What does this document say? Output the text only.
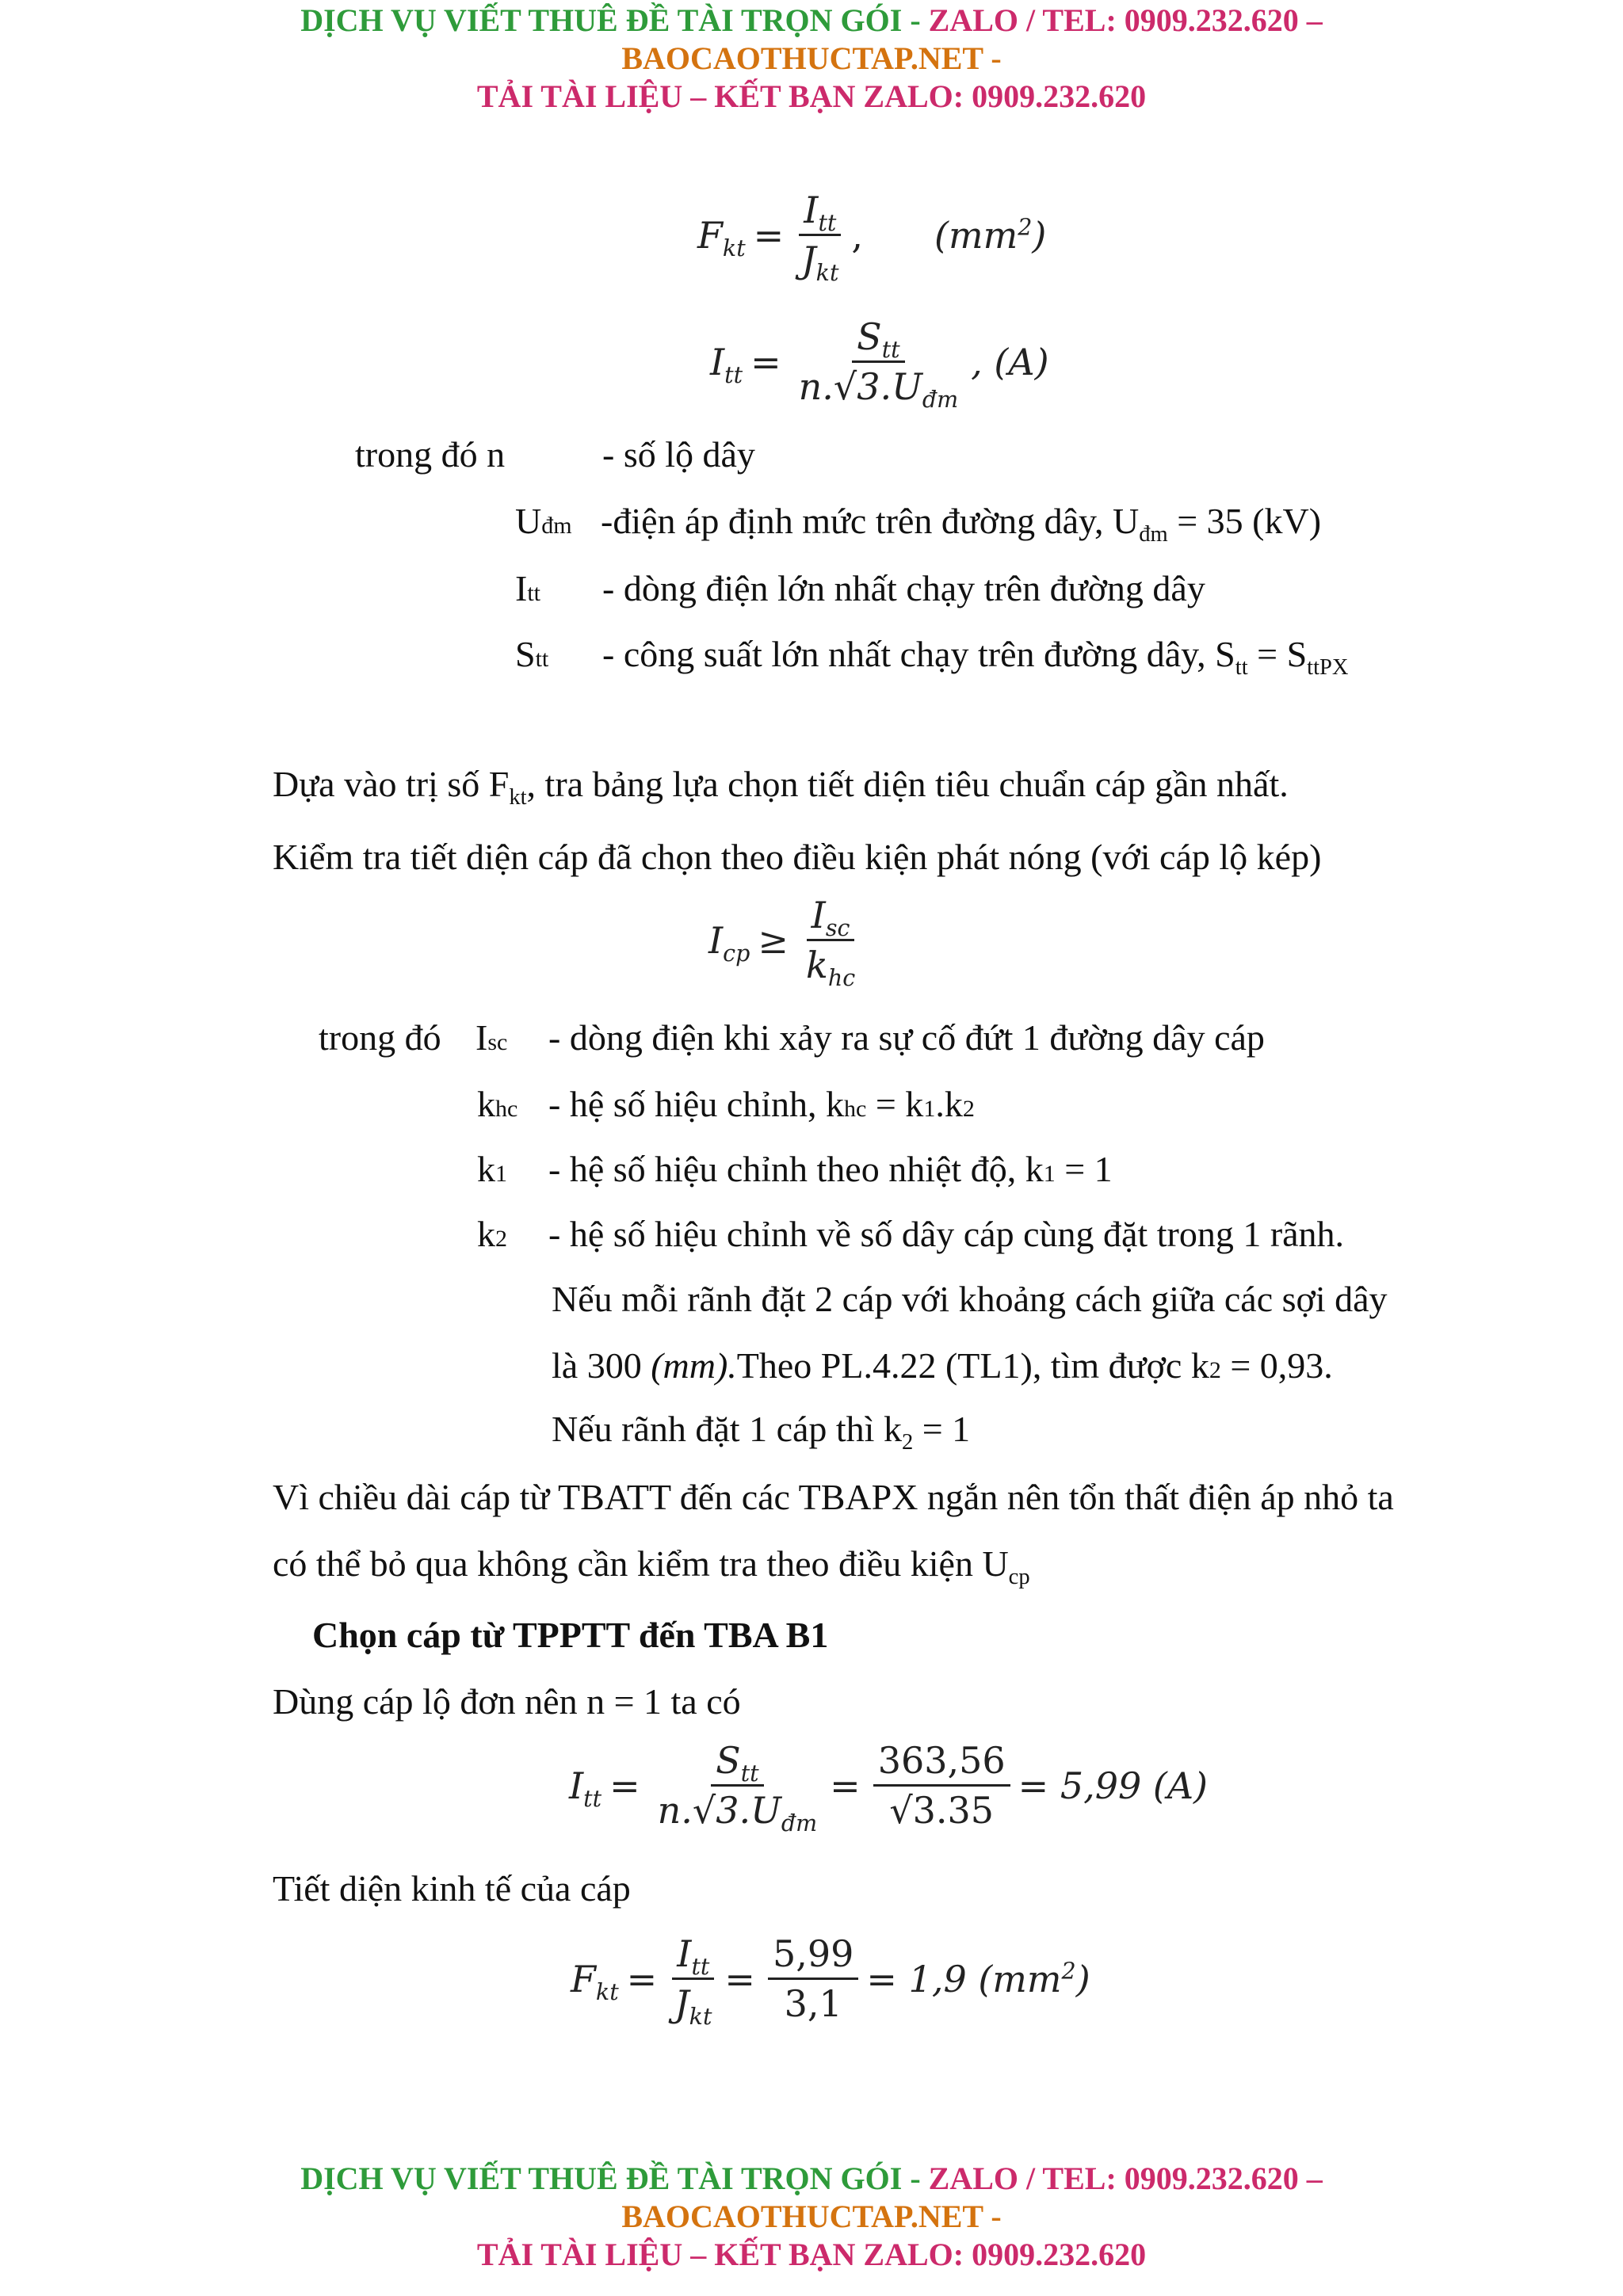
DỊCH VỤ VIẾT THUÊ ĐỀ TÀI TRỌN GÓI - ZALO / TEL: 0909.232.620 –
BAOCAOTHUCTAP.NET -
TẢI TÀI LIỆU – KẾT BẠN ZALO: 0909.232.620
$F_{kt} = \frac{I_{tt}}{J_{kt}}$ , $(mm^2)$
$I_{tt} = \frac{S_{tt}}{n.√3.U_{đm}}$ , (A)
trong đó n	- số lộ dây
Uđm -điện áp định mức trên đường dây, $U_{đm} = 35$ (kV)
Itt - dòng điện lớn nhất chạy trên đường dây
Stt - công suất lớn nhất chạy trên đường dây, $S_{tt} = S_{ttPX}$
Dựa vào trị số $F_{kt}$, tra bảng lựa chọn tiết diện tiêu chuẩn cáp gần nhất.
Kiểm tra tiết diện cáp đã chọn theo điều kiện phát nóng (với cáp lộ kép)
$I_{cp} \ge \frac{I_{sc}}{k_{hc}}$
trong đó Isc - dòng điện khi xảy ra sự cố đứt 1 đường dây cáp
khc - hệ số hiệu chỉnh, khc = k1.k2
k1 - hệ số hiệu chỉnh theo nhiệt độ, k1 = 1
k2 - hệ số hiệu chỉnh về số dây cáp cùng đặt trong 1 rãnh.
Nếu mỗi rãnh đặt 2 cáp với khoảng cách giữa các sợi dây
là 300 (mm).Theo PL.4.22 (TL1), tìm được k2 = 0,93.
Nếu rãnh đặt 1 cáp thì $k_2 = 1$
Vì chiều dài cáp từ TBATT đến các TBAPX ngắn nên tổn thất điện áp nhỏ ta
có thể bỏ qua không cần kiểm tra theo điều kiện $U_{cp}$
Chọn cáp từ TPPTT đến TBA B1
Dùng cáp lộ đơn nên n = 1 ta có
$I_{tt} = \frac{S_{tt}}{n.√3.U_{đm}} = \frac{363,56}{√3.35} = 5,99$ (A)
Tiết diện kinh tế của cáp
$F_{kt} = \frac{I_{tt}}{J_{kt}} = \frac{5,99}{3,1} = 1,9$ $(mm^2)$
DỊCH VỤ VIẾT THUÊ ĐỀ TÀI TRỌN GÓI - ZALO / TEL: 0909.232.620 –
BAOCAOTHUCTAP.NET -
TẢI TÀI LIỆU – KẾT BẠN ZALO: 0909.232.620
